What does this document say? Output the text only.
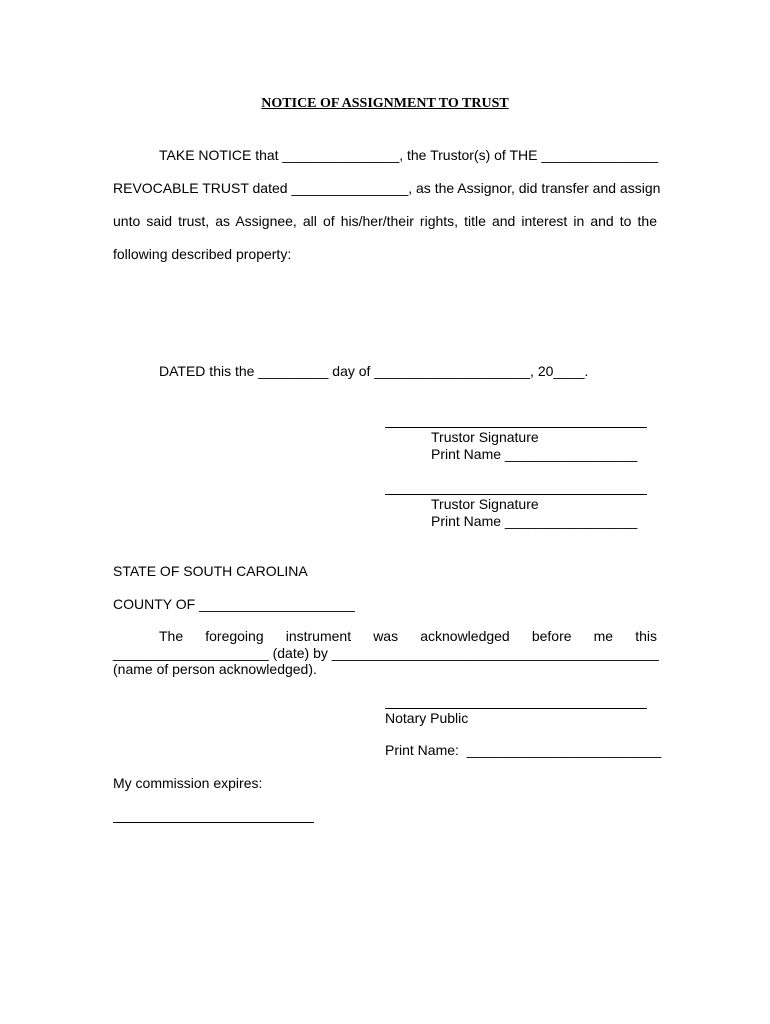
NOTICE OF ASSIGNMENT TO TRUST
TAKE NOTICE that _______________, the Trustor(s) of THE _______________
REVOCABLE TRUST dated _______________, as the Assignor, did transfer and assign
unto said trust, as Assignee, all of his/her/their rights, title and interest in and to the
following described property:
DATED this the _________ day of ____________________, 20____.
Trustor Signature
Print Name _________________
Trustor Signature
Print Name _________________
STATE OF SOUTH CAROLINA
COUNTY OF ____________________
The foregoing instrument was acknowledged before me this
____________________ (date) by __________________________________________
(name of person acknowledged).
Notary Public
Print Name:  _________________________
My commission expires:
